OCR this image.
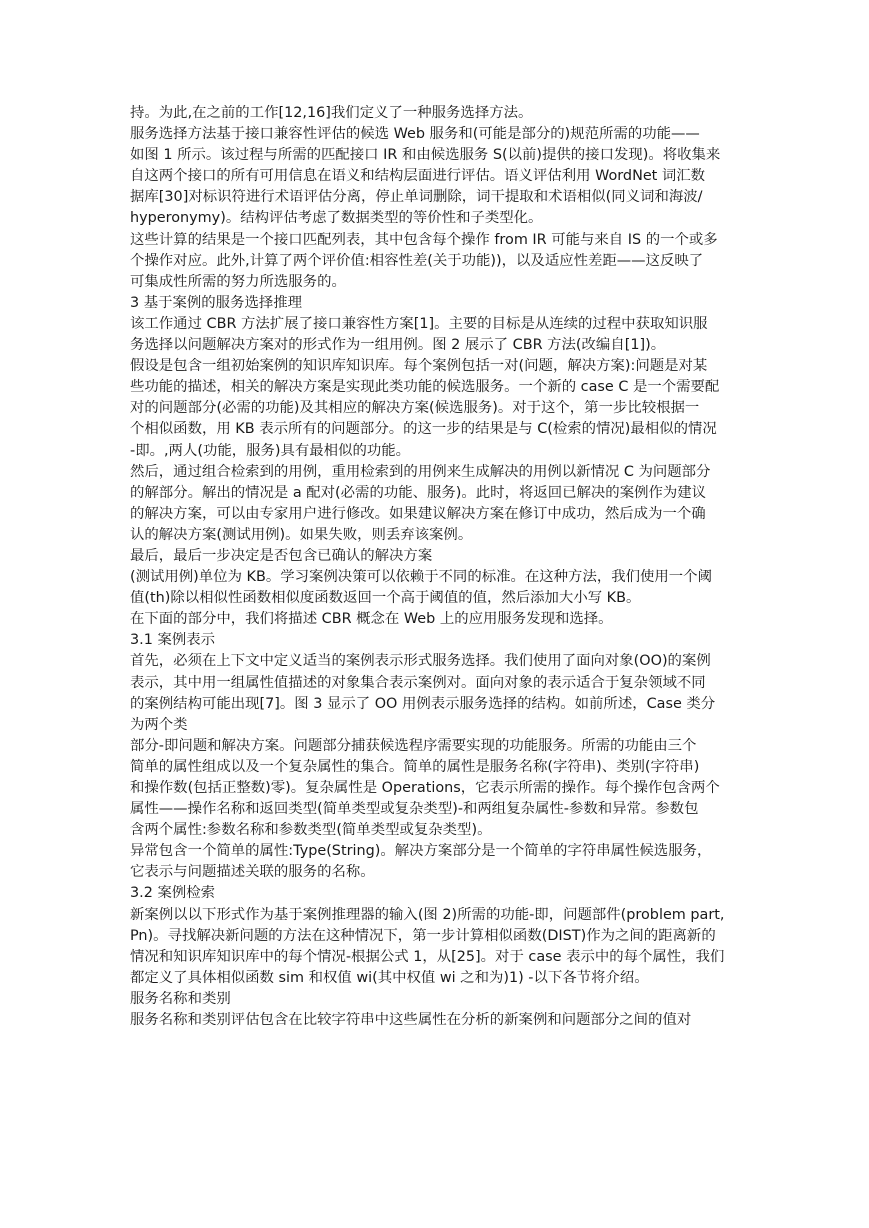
持。为此,在之前的工作[12,16]我们定义了一种服务选择方法。

服务选择方法基于接口兼容性评估的候选 Web 服务和(可能是部分的)规范所需的功能——

如图 1 所示。该过程与所需的匹配接口 IR 和由候选服务 S(以前)提供的接口发现)。将收集来

自这两个接口的所有可用信息在语义和结构层面进行评估。语义评估利用 WordNet 词汇数

据库[30]对标识符进行术语评估分离，停止单词删除，词干提取和术语相似(同义词和海波/

hyperonymy)。结构评估考虑了数据类型的等价性和子类型化。

这些计算的结果是一个接口匹配列表，其中包含每个操作 from IR 可能与来自 IS 的一个或多

个操作对应。此外,计算了两个评价值:相容性差(关于功能))，以及适应性差距——这反映了

可集成性所需的努力所选服务的。

3 基于案例的服务选择推理

该工作通过 CBR 方法扩展了接口兼容性方案[1]。主要的目标是从连续的过程中获取知识服

务选择以问题解决方案对的形式作为一组用例。图 2 展示了 CBR 方法(改编自[1])。

假设是包含一组初始案例的知识库知识库。每个案例包括一对(问题，解决方案):问题是对某

些功能的描述，相关的解决方案是实现此类功能的候选服务。一个新的 case C 是一个需要配

对的问题部分(必需的功能)及其相应的解决方案(候选服务)。对于这个，第一步比较根据一

个相似函数，用 KB 表示所有的问题部分。的这一步的结果是与 C(检索的情况)最相似的情况

-即。,两人(功能，服务)具有最相似的功能。

然后，通过组合检索到的用例，重用检索到的用例来生成解决的用例以新情况 C 为问题部分

的解部分。解出的情况是 a 配对(必需的功能、服务)。此时，将返回已解决的案例作为建议

的解决方案，可以由专家用户进行修改。如果建议解决方案在修订中成功，然后成为一个确

认的解决方案(测试用例)。如果失败，则丢弃该案例。

最后，最后一步决定是否包含已确认的解决方案

(测试用例)单位为 KB。学习案例决策可以依赖于不同的标准。在这种方法，我们使用一个阈

值(th)除以相似性函数相似度函数返回一个高于阈值的值，然后添加大小写 KB。

在下面的部分中，我们将描述 CBR 概念在 Web 上的应用服务发现和选择。

3.1 案例表示

首先，必须在上下文中定义适当的案例表示形式服务选择。我们使用了面向对象(OO)的案例

表示，其中用一组属性值描述的对象集合表示案例对。面向对象的表示适合于复杂领域不同

的案例结构可能出现[7]。图 3 显示了 OO 用例表示服务选择的结构。如前所述，Case 类分

为两个类

部分-即问题和解决方案。问题部分捕获候选程序需要实现的功能服务。所需的功能由三个

简单的属性组成以及一个复杂属性的集合。简单的属性是服务名称(字符串)、类别(字符串)

和操作数(包括正整数)零)。复杂属性是 Operations，它表示所需的操作。每个操作包含两个

属性——操作名称和返回类型(简单类型或复杂类型)-和两组复杂属性-参数和异常。参数包

含两个属性:参数名称和参数类型(简单类型或复杂类型)。

异常包含一个简单的属性:Type(String)。解决方案部分是一个简单的字符串属性候选服务，

它表示与问题描述关联的服务的名称。

3.2 案例检索

新案例以以下形式作为基于案例推理器的输入(图 2)所需的功能-即，问题部件(problem part,

Pn)。寻找解决新问题的方法在这种情况下，第一步计算相似函数(DIST)作为之间的距离新的

情况和知识库知识库中的每个情况-根据公式 1，从[25]。对于 case 表示中的每个属性，我们

都定义了具体相似函数 sim 和权值 wi(其中权值 wi 之和为)1) -以下各节将介绍。

服务名称和类别

服务名称和类别评估包含在比较字符串中这些属性在分析的新案例和问题部分之间的值对
